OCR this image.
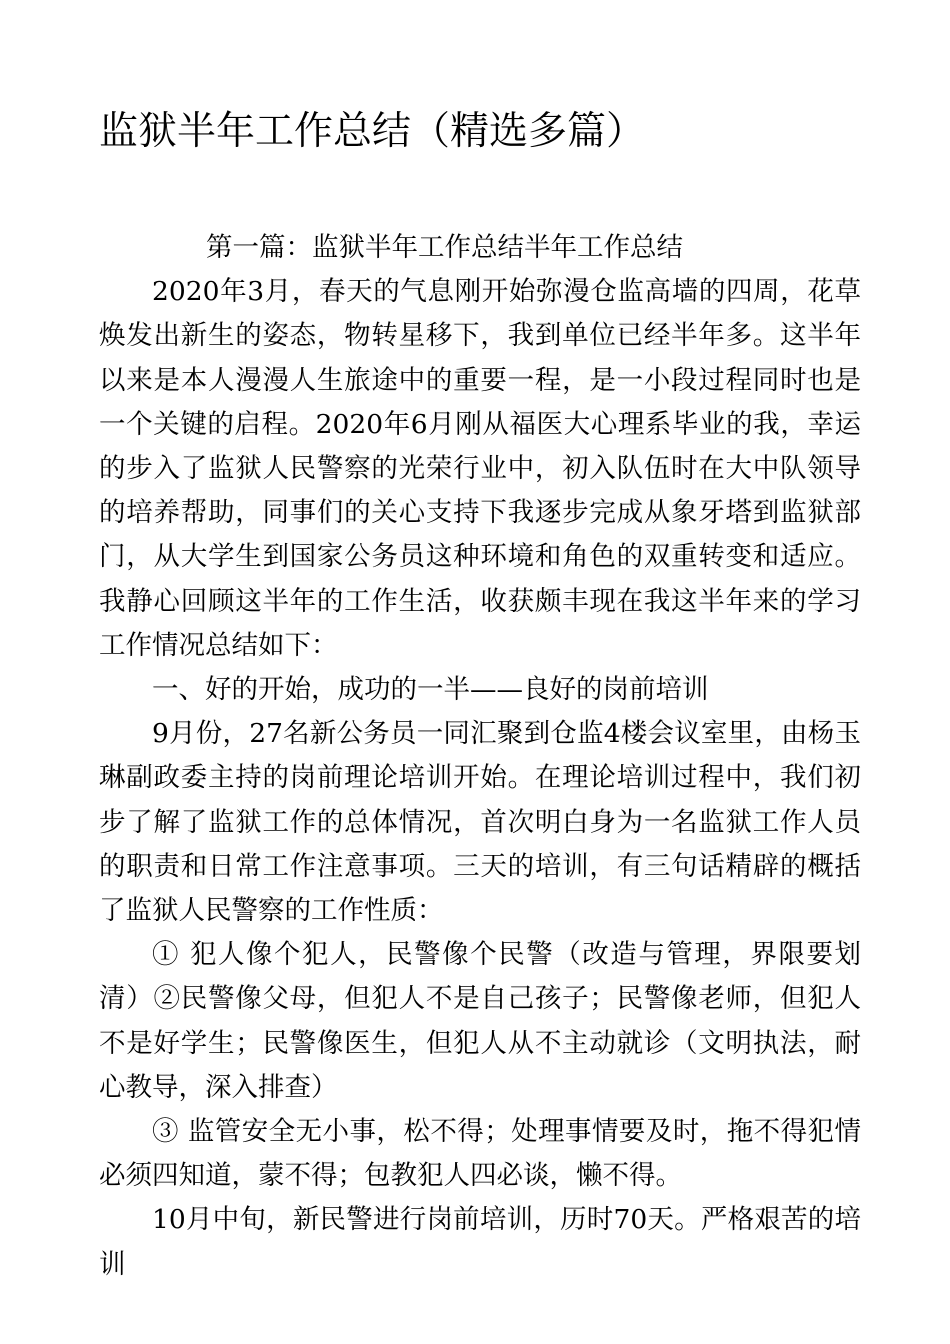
监狱半年工作总结（精选多篇）

第一篇：监狱半年工作总结半年工作总结

2020年3月，春天的气息刚开始弥漫仓监高墙的四周，花草焕发出新生的姿态，物转星移下，我到单位已经半年多。这半年以来是本人漫漫人生旅途中的重要一程，是一小段过程同时也是一个关键的启程。2020年6月刚从福医大心理系毕业的我，幸运的步入了监狱人民警察的光荣行业中，初入队伍时在大中队领导的培养帮助，同事们的关心支持下我逐步完成从象牙塔到监狱部门，从大学生到国家公务员这种环境和角色的双重转变和适应。我静心回顾这半年的工作生活，收获颇丰现在我这半年来的学习工作情况总结如下：

一、好的开始，成功的一半——良好的岗前培训

9月份，27名新公务员一同汇聚到仓监4楼会议室里，由杨玉琳副政委主持的岗前理论培训开始。在理论培训过程中，我们初步了解了监狱工作的总体情况，首次明白身为一名监狱工作人员的职责和日常工作注意事项。三天的培训，有三句话精辟的概括了监狱人民警察的工作性质：

① 犯人像个犯人，民警像个民警（改造与管理，界限要划清）②民警像父母，但犯人不是自己孩子；民警像老师，但犯人不是好学生；民警像医生，但犯人从不主动就诊（文明执法，耐心教导，深入排查）

③ 监管安全无小事，松不得；处理事情要及时，拖不得犯情必须四知道，蒙不得；包教犯人四必谈，懒不得。

10月中旬，新民警进行岗前培训，历时70天。严格艰苦的培训
